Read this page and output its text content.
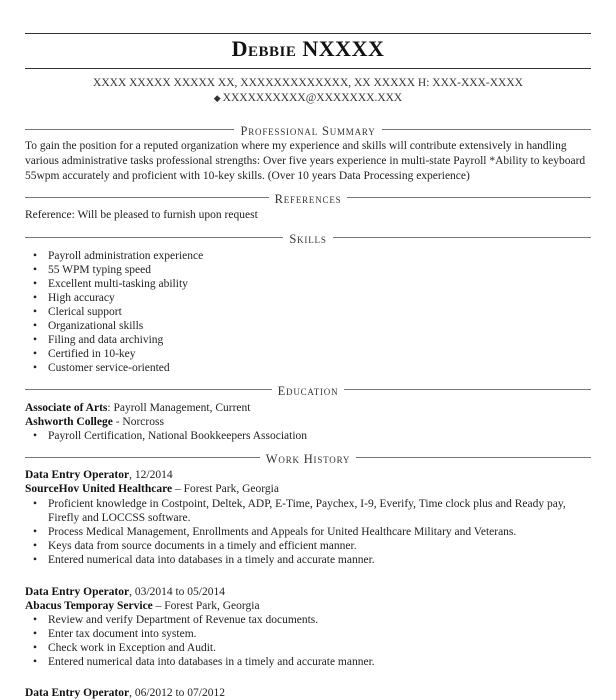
Debbie NXXXX
XXXX XXXXX XXXXX XX, XXXXXXXXXXXXX, XX XXXXX H: XXX-XXX-XXXX
◆ XXXXXXXXXX@XXXXXXX.XXX
Professional Summary
To gain the position for a reputed organization where my experience and skills will contribute extensively in handling various administrative tasks professional strengths: Over five years experience in multi-state Payroll *Ability to keyboard 55wpm accurately and proficient with 10-key skills. (Over 10 years Data Processing experience)
References
Reference: Will be pleased to furnish upon request
Skills
• Payroll administration experience
• 55 WPM typing speed
• Excellent multi-tasking ability
• High accuracy
• Clerical support
• Organizational skills
• Filing and data archiving
• Certified in 10-key
• Customer service-oriented
Education
Associate of Arts: Payroll Management, Current
Ashworth College - Norcross
• Payroll Certification, National Bookkeepers Association
Work History
Data Entry Operator, 12/2014
SourceHov United Healthcare – Forest Park, Georgia
• Proficient knowledge in Costpoint, Deltek, ADP, E-Time, Paychex, I-9, Everify, Time clock plus and Ready pay, Firefly and LOCCSS software.
• Process Medical Management, Enrollments and Appeals for United Healthcare Military and Veterans.
• Keys data from source documents in a timely and efficient manner.
• Entered numerical data into databases in a timely and accurate manner.
Data Entry Operator, 03/2014 to 05/2014
Abacus Temporay Service – Forest Park, Georgia
• Review and verify Department of Revenue tax documents.
• Enter tax document into system.
• Check work in Exception and Audit.
• Entered numerical data into databases in a timely and accurate manner.
Data Entry Operator, 06/2012 to 07/2012
